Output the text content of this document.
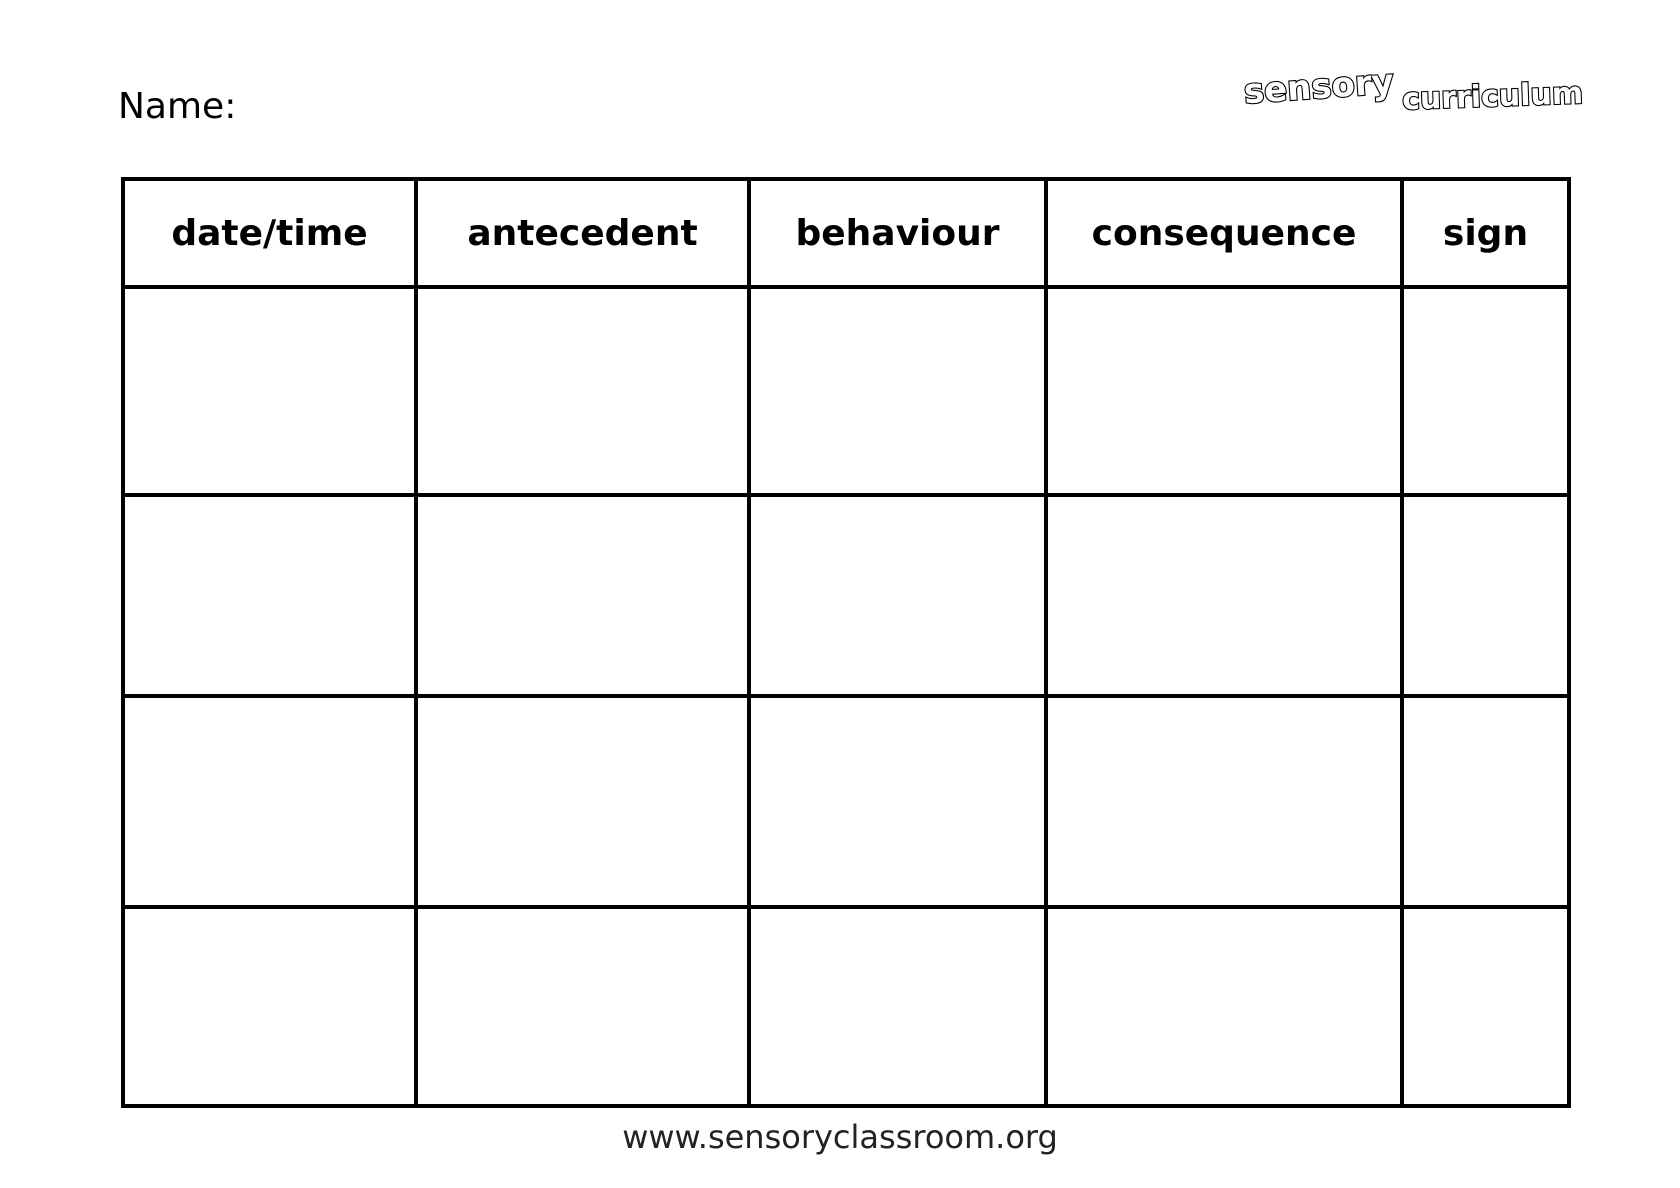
Name:	sensory curriculum
date/time	antecedent	behaviour	consequence	sign

www.sensoryclassroom.org
